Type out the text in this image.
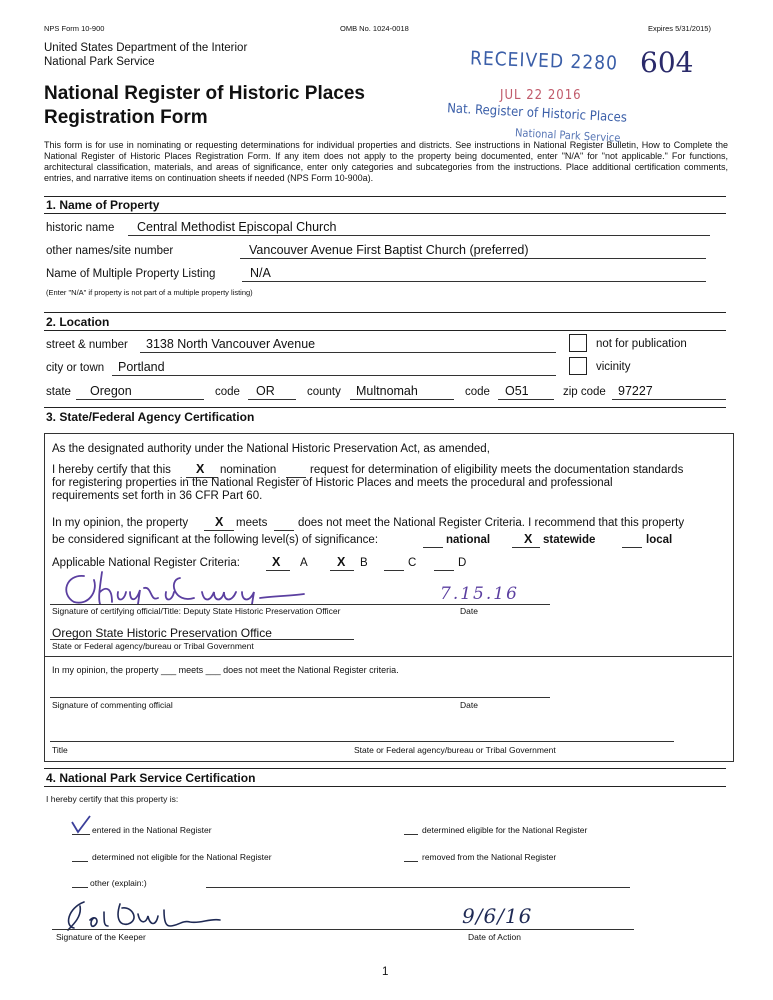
NPS Form 10-900	OMB No. 1024-0018	Expires 5/31/2015)
United States Department of the Interior
National Park Service
National Register of Historic Places
Registration Form
RECEIVED 2280 604
JUL 22 2016
Nat. Register of Historic Places
National Park Service
This form is for use in nominating or requesting determinations for individual properties and districts. See instructions in National Register Bulletin, How to Complete the National Register of Historic Places Registration Form. If any item does not apply to the property being documented, enter "N/A" for "not applicable." For functions, architectural classification, materials, and areas of significance, enter only categories and subcategories from the instructions. Place additional certification comments, entries, and narrative items on continuation sheets if needed (NPS Form 10-900a).
1. Name of Property
historic name Central Methodist Episcopal Church
other names/site number	Vancouver Avenue First Baptist Church (preferred)
Name of Multiple Property Listing	N/A
(Enter "N/A" if property is not part of a multiple property listing)
2. Location
street & number 3138 North Vancouver Avenue	not for publication
city or town Portland	vicinity
state Oregon	code OR	county Multnomah	code O51	zip code 97227
3. State/Federal Agency Certification
As the designated authority under the National Historic Preservation Act, as amended,
I hereby certify that this X nomination	request for determination of eligibility meets the documentation standards
for registering properties in the National Register of Historic Places and meets the procedural and professional
requirements set forth in 36 CFR Part 60.
In my opinion, the property X meets	does not meet the National Register Criteria. I recommend that this property
be considered significant at the following level(s) of significance:	national	X statewide	local
Applicable National Register Criteria:	X A X B	C	D
7.15.16
Signature of certifying official/Title: Deputy State Historic Preservation Officer	Date
Oregon State Historic Preservation Office
State or Federal agency/bureau or Tribal Government
In my opinion, the property ___ meets ___ does not meet the National Register criteria.
Signature of commenting official	Date
Title	State or Federal agency/bureau or Tribal Government
4. National Park Service Certification
I hereby certify that this property is:
entered in the National Register	determined eligible for the National Register
determined not eligible for the National Register	removed from the National Register
other (explain:)
9/6/16
Signature of the Keeper	Date of Action
1
